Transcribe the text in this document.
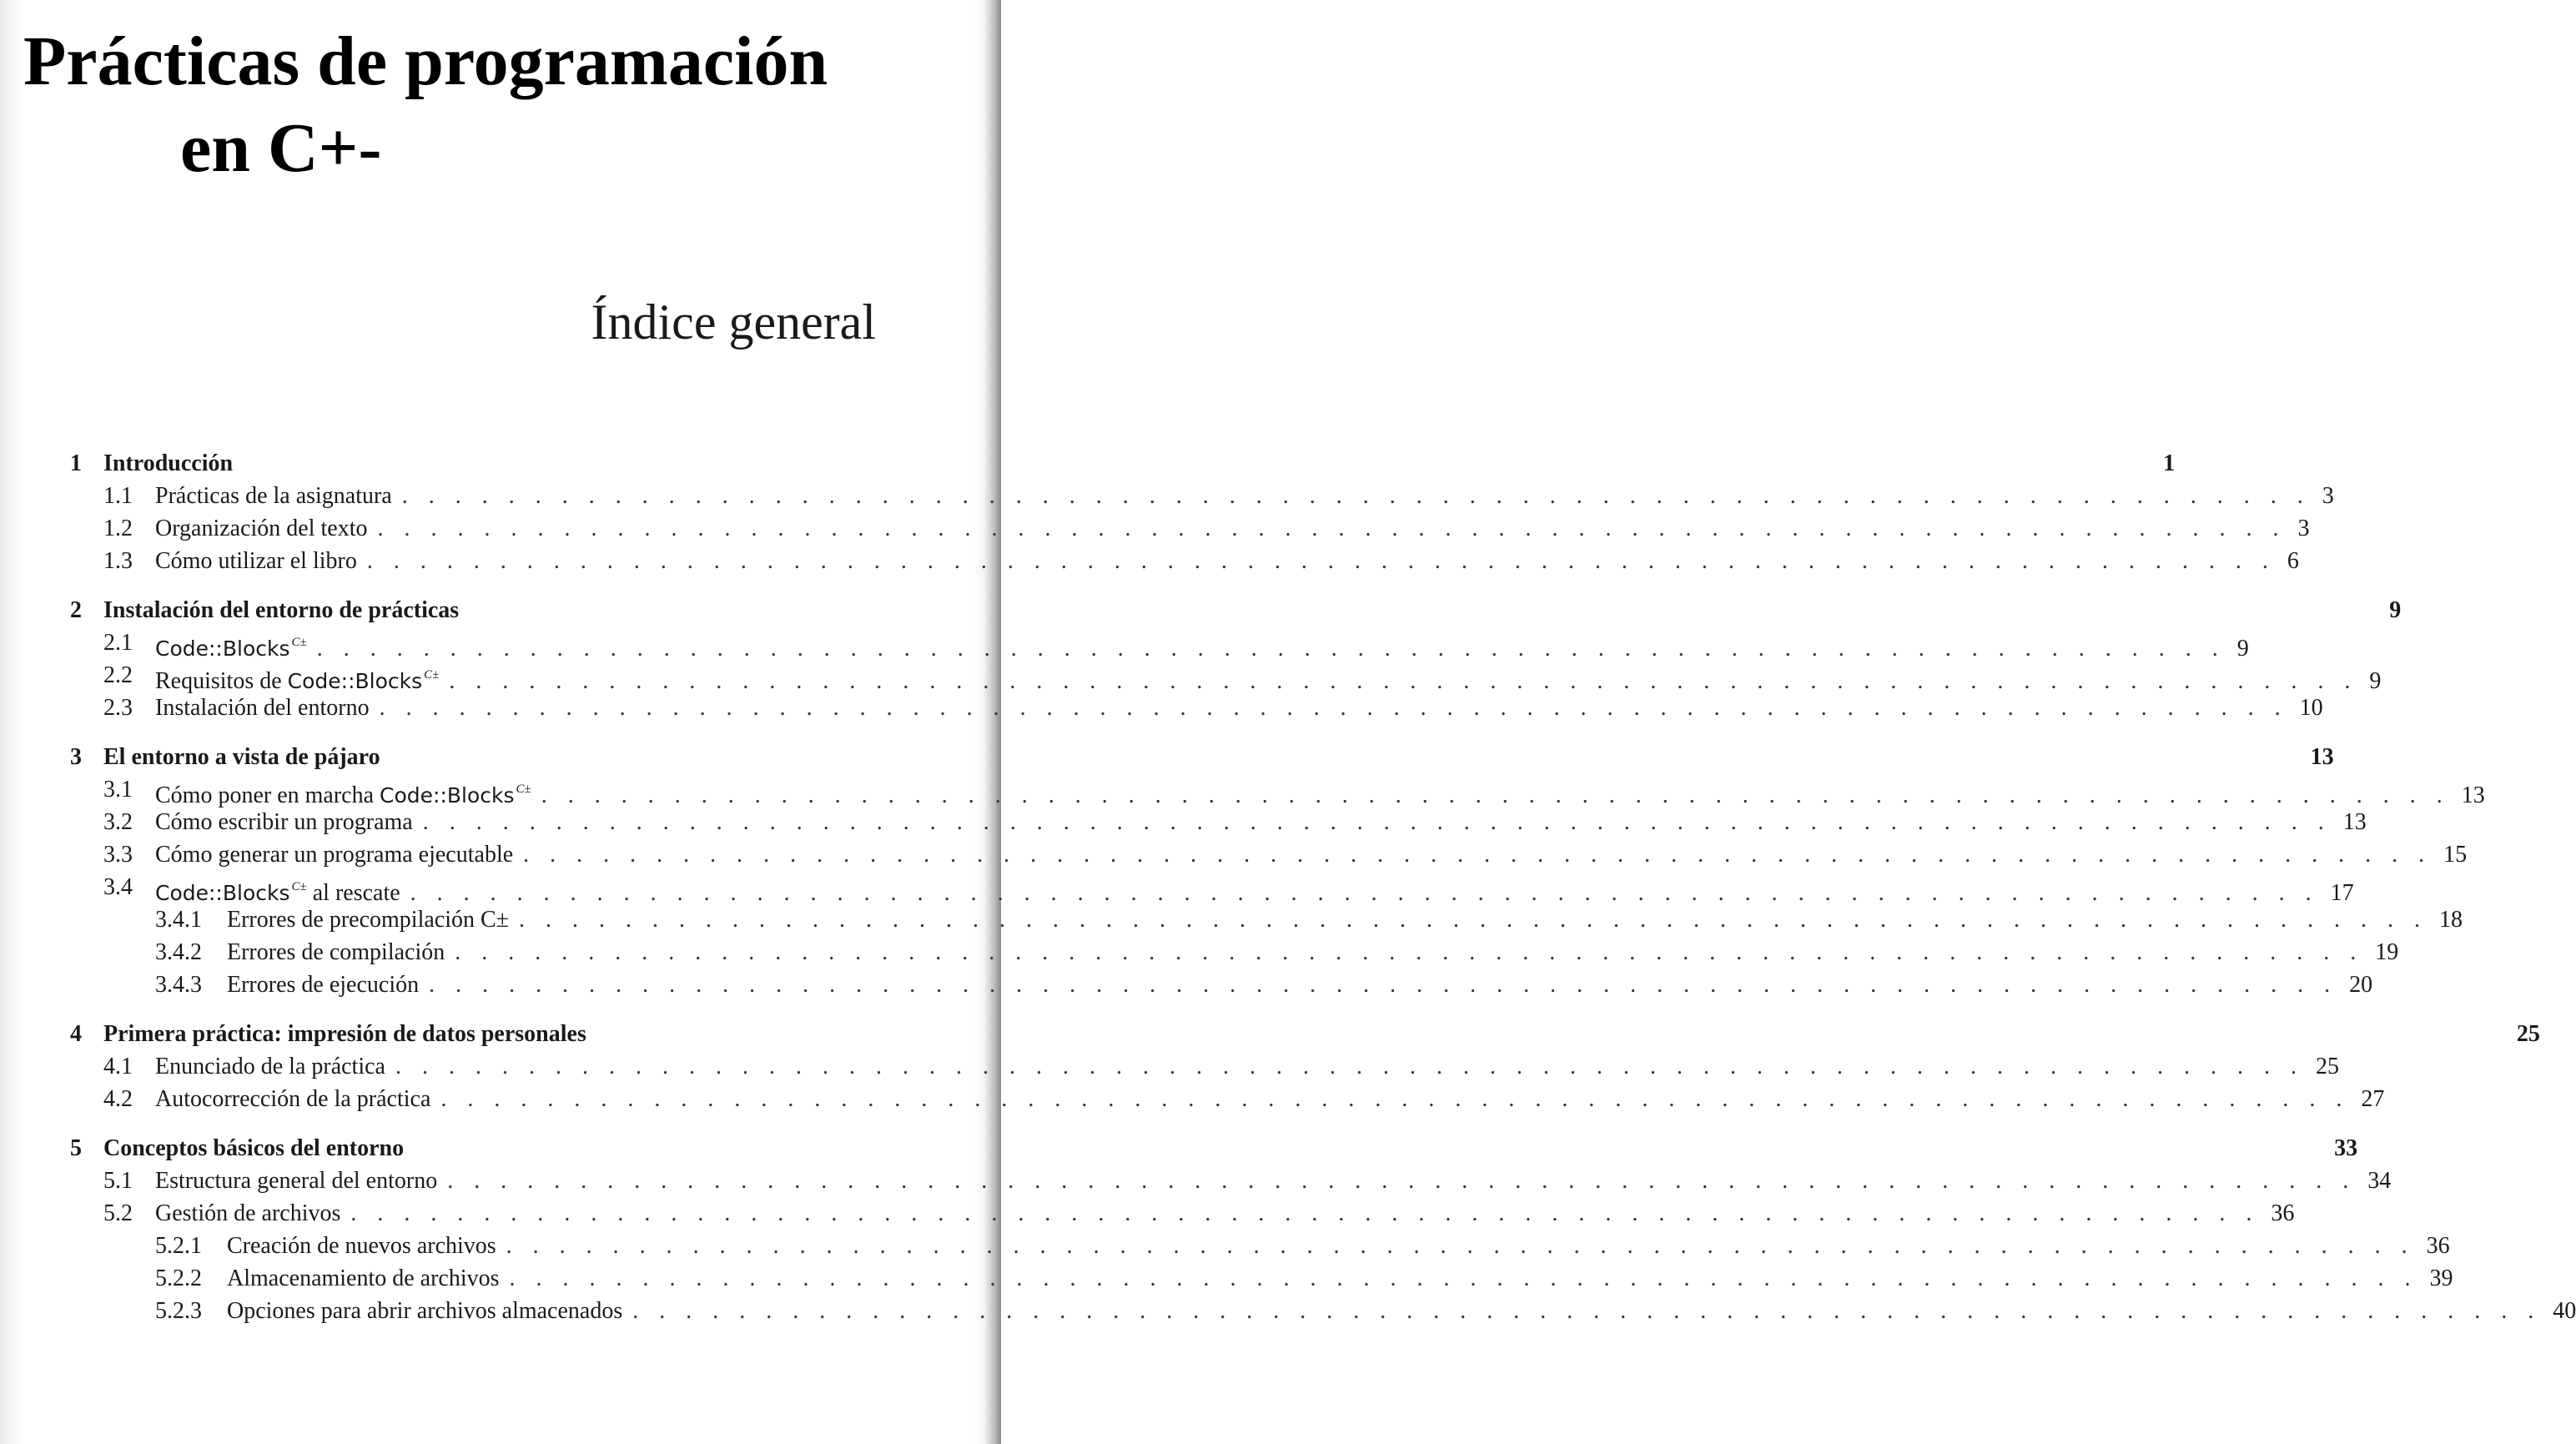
Prácticas de programación
en C+-
Índice general
1 Introducción	1
1.1 Prácticas de la asignatura . . . . . . . . . . . . . . . . . . . . . . . . . . . . . . . . . . . . . . . . . . . . . . . . . . . . . . . . . . . . . . . . . . . . . . . . 3
1.2 Organización del texto . . . . . . . . . . . . . . . . . . . . . . . . . . . . . . . . . . . . . . . . . . . . . . . . . . . . . . . . . . . . . . . . . . . . . . . . 3
1.3 Cómo utilizar el libro . . . . . . . . . . . . . . . . . . . . . . . . . . . . . . . . . . . . . . . . . . . . . . . . . . . . . . . . . . . . . . . . . . . . . . . . 6
2 Instalación del entorno de prácticas	9
2.1 Code::Blocks $^{C\pm}$ . . . . . . . . . . . . . . . . . . . . . . . . . . . . . . . . . . . . . . . . . . . . . . . . . . . . . . . . . . . . . . . . . . . . . . . . 9
2.2 Requisitos de Code::Blocks $^{C\pm}$ . . . . . . . . . . . . . . . . . . . . . . . . . . . . . . . . . . . . . . . . . . . . . . . . . . . . . . . . . . . . . . . . . . . . . . . . 9
2.3 Instalación del entorno . . . . . . . . . . . . . . . . . . . . . . . . . . . . . . . . . . . . . . . . . . . . . . . . . . . . . . . . . . . . . . . . . . . . . . . . 10
3 El entorno a vista de pájaro	13
3.1 Cómo poner en marcha Code::Blocks $^{C\pm}$ . . . . . . . . . . . . . . . . . . . . . . . . . . . . . . . . . . . . . . . . . . . . . . . . . . . . . . . . . . . . . . . . . . . . . . . . 13
3.2 Cómo escribir un programa . . . . . . . . . . . . . . . . . . . . . . . . . . . . . . . . . . . . . . . . . . . . . . . . . . . . . . . . . . . . . . . . . . . . . . . . 13
3.3 Cómo generar un programa ejecutable . . . . . . . . . . . . . . . . . . . . . . . . . . . . . . . . . . . . . . . . . . . . . . . . . . . . . . . . . . . . . . . . . . . . . . . . 15
3.4 Code::Blocks $^{C\pm}$ al rescate . . . . . . . . . . . . . . . . . . . . . . . . . . . . . . . . . . . . . . . . . . . . . . . . . . . . . . . . . . . . . . . . . . . . . . . . 17
3.4.1 Errores de precompilación C± . . . . . . . . . . . . . . . . . . . . . . . . . . . . . . . . . . . . . . . . . . . . . . . . . . . . . . . . . . . . . . . . . . . . . . . . 18
3.4.2 Errores de compilación . . . . . . . . . . . . . . . . . . . . . . . . . . . . . . . . . . . . . . . . . . . . . . . . . . . . . . . . . . . . . . . . . . . . . . . . 19
3.4.3 Errores de ejecución . . . . . . . . . . . . . . . . . . . . . . . . . . . . . . . . . . . . . . . . . . . . . . . . . . . . . . . . . . . . . . . . . . . . . . . . 20
4 Primera práctica: impresión de datos personales	25
4.1 Enunciado de la práctica . . . . . . . . . . . . . . . . . . . . . . . . . . . . . . . . . . . . . . . . . . . . . . . . . . . . . . . . . . . . . . . . . . . . . . . . 25
4.2 Autocorrección de la práctica . . . . . . . . . . . . . . . . . . . . . . . . . . . . . . . . . . . . . . . . . . . . . . . . . . . . . . . . . . . . . . . . . . . . . . . . 27
5 Conceptos básicos del entorno	33
5.1 Estructura general del entorno . . . . . . . . . . . . . . . . . . . . . . . . . . . . . . . . . . . . . . . . . . . . . . . . . . . . . . . . . . . . . . . . . . . . . . . . 34
5.2 Gestión de archivos . . . . . . . . . . . . . . . . . . . . . . . . . . . . . . . . . . . . . . . . . . . . . . . . . . . . . . . . . . . . . . . . . . . . . . . . 36
5.2.1 Creación de nuevos archivos . . . . . . . . . . . . . . . . . . . . . . . . . . . . . . . . . . . . . . . . . . . . . . . . . . . . . . . . . . . . . . . . . . . . . . . . 36
5.2.2 Almacenamiento de archivos . . . . . . . . . . . . . . . . . . . . . . . . . . . . . . . . . . . . . . . . . . . . . . . . . . . . . . . . . . . . . . . . . . . . . . . . 39
5.2.3 Opciones para abrir archivos almacenados . . . . . . . . . . . . . . . . . . . . . . . . . . . . . . . . . . . . . . . . . . . . . . . . . . . . . . . . . . . . . . . . . . . . . . . . 40
